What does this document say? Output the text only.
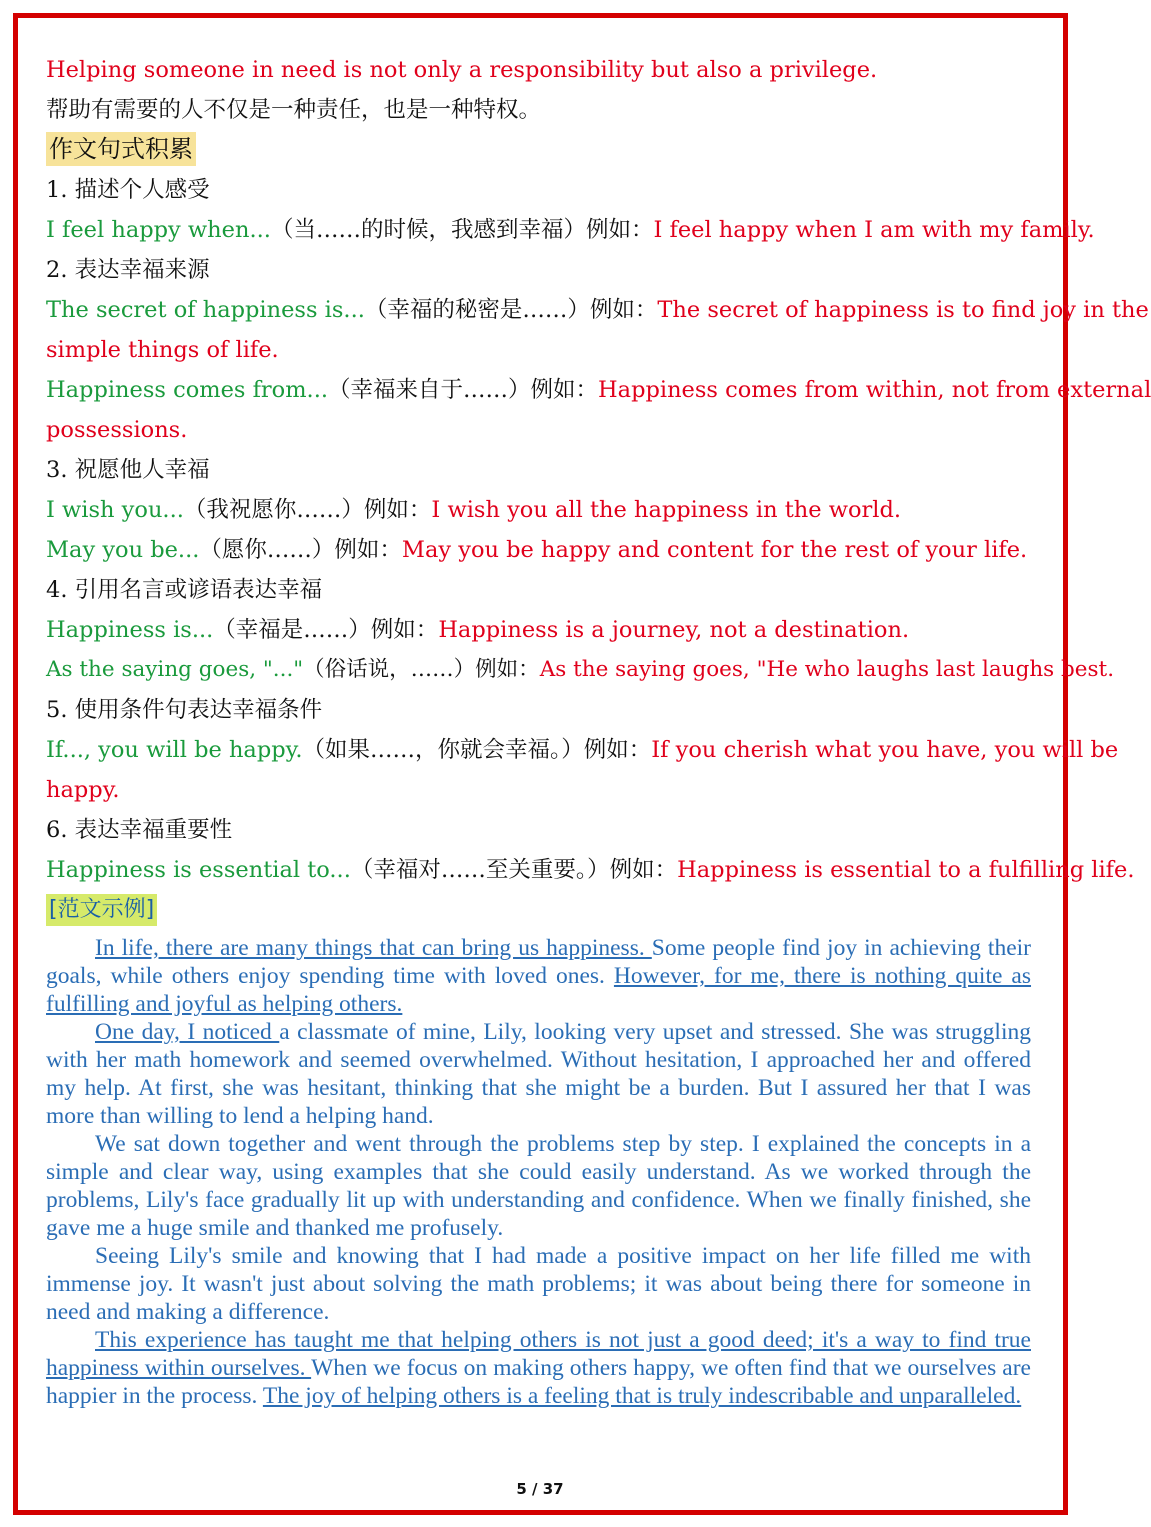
Helping someone in need is not only a responsibility but also a privilege.
帮助有需要的人不仅是一种责任，也是一种特权。
作文句式积累
1. 描述个人感受
I feel happy when...（当……的时候，我感到幸福）例如：I feel happy when I am with my family.
2. 表达幸福来源
The secret of happiness is...（幸福的秘密是……）例如：The secret of happiness is to find joy in the
simple things of life.
Happiness comes from...（幸福来自于……）例如：Happiness comes from within, not from external
possessions.
3. 祝愿他人幸福
I wish you...（我祝愿你……）例如：I wish you all the happiness in the world.
May you be...（愿你……）例如：May you be happy and content for the rest of your life.
4. 引用名言或谚语表达幸福
Happiness is...（幸福是……）例如：Happiness is a journey, not a destination.
As the saying goes, "..."（俗话说，……）例如：As the saying goes, "He who laughs last laughs best.
5. 使用条件句表达幸福条件
If..., you will be happy.（如果……，你就会幸福。）例如：If you cherish what you have, you will be
happy.
6. 表达幸福重要性
Happiness is essential to...（幸福对……至关重要。）例如：Happiness is essential to a fulfilling life.
[范文示例]

In life, there are many things that can bring us happiness. Some people find joy in achieving their goals, while others enjoy spending time with loved ones. However, for me, there is nothing quite as fulfilling and joyful as helping others.

One day, I noticed a classmate of mine, Lily, looking very upset and stressed. She was struggling with her math homework and seemed overwhelmed. Without hesitation, I approached her and offered my help. At first, she was hesitant, thinking that she might be a burden. But I assured her that I was more than willing to lend a helping hand.

We sat down together and went through the problems step by step. I explained the concepts in a simple and clear way, using examples that she could easily understand. As we worked through the problems, Lily's face gradually lit up with understanding and confidence. When we finally finished, she gave me a huge smile and thanked me profusely.

Seeing Lily's smile and knowing that I had made a positive impact on her life filled me with immense joy. It wasn't just about solving the math problems; it was about being there for someone in need and making a difference.

This experience has taught me that helping others is not just a good deed; it's a way to find true happiness within ourselves. When we focus on making others happy, we often find that we ourselves are happier in the process. The joy of helping others is a feeling that is truly indescribable and unparalleled.

5 / 37
